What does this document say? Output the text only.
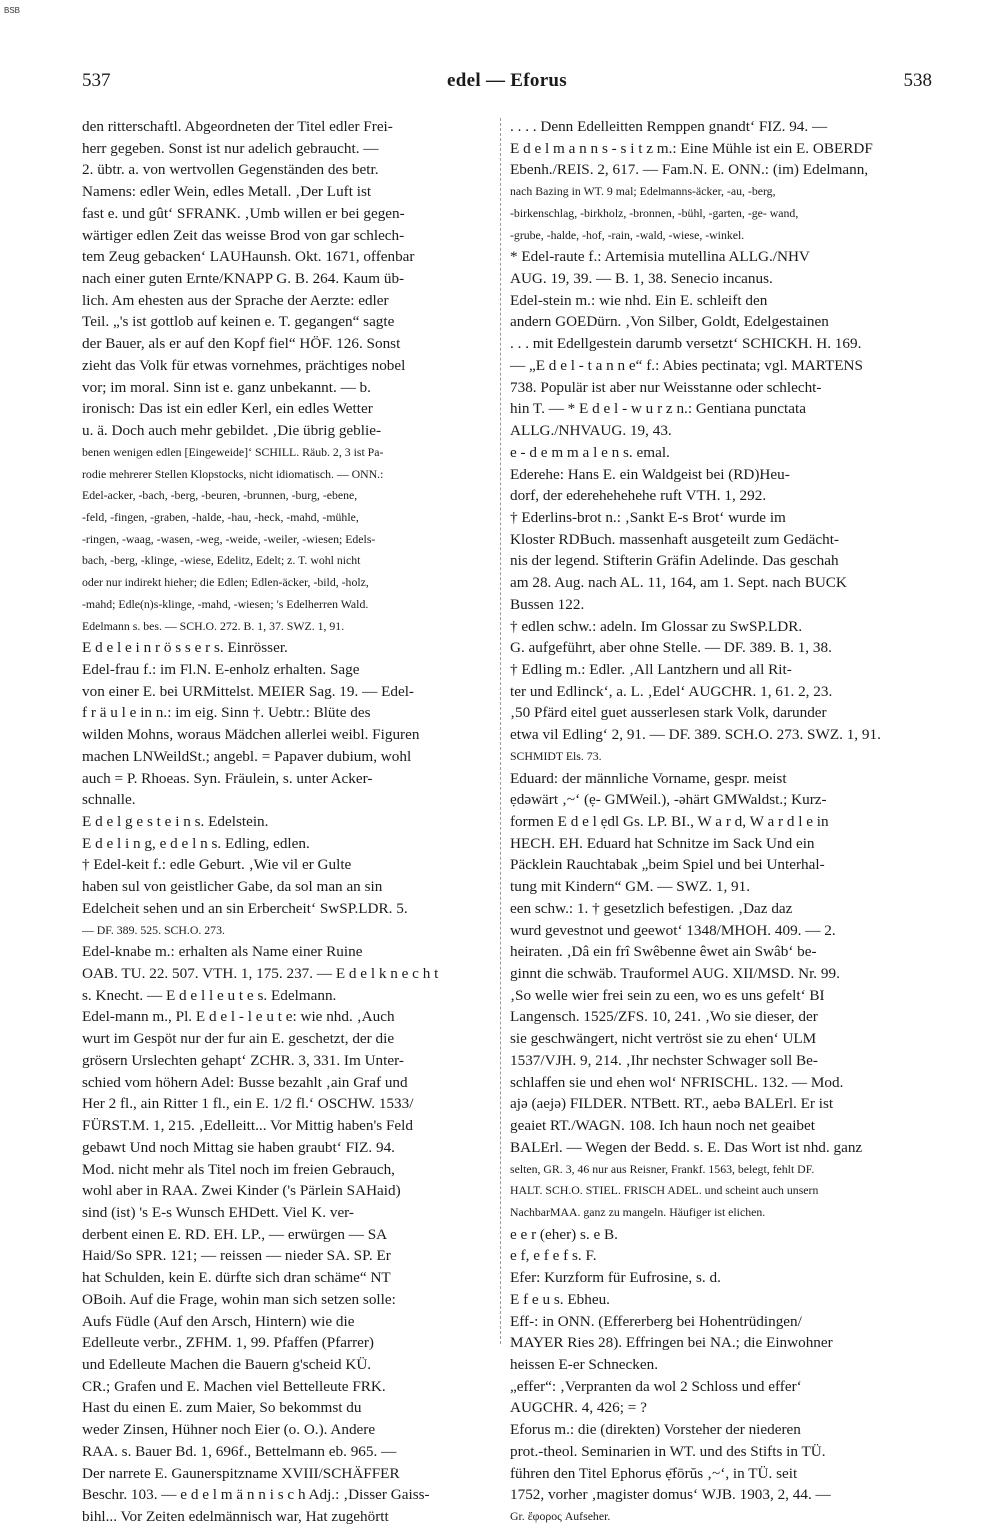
BSB
537	edel — Eforus	538
den ritterschaftl. Abgeordneten der Titel edler Frei-
herr gegeben. Sonst ist nur adelich gebraucht. —
2. übtr. a. von wertvollen Gegenständen des betr.
Namens: edler Wein, edles Metall. ‚Der Luft ist
fast e. und gût‘ SFRANK. ‚Umb willen er bei gegen-
wärtiger edlen Zeit das weisse Brod von gar schlech-
tem Zeug gebacken‘ LAUHaunsh. Okt. 1671, offenbar
nach einer guten Ernte/KNAPP G. B. 264. Kaum üb-
lich. Am ehesten aus der Sprache der Aerzte: edler
Teil. „'s ist gottlob auf keinen e. T. gegangen“ sagte
der Bauer, als er auf den Kopf fiel“ HÖF. 126. Sonst
zieht das Volk für etwas vornehmes, prächtiges nobel
vor; im moral. Sinn ist e. ganz unbekannt. — b.
ironisch: Das ist ein edler Kerl, ein edles Wetter
u. ä. Doch auch mehr gebildet. ‚Die übrig geblie-
benen wenigen edlen [Eingeweide]‘ SCHILL. Räub. 2, 3 ist Pa-
rodie mehrerer Stellen Klopstocks, nicht idiomatisch. — ONN.:
Edel-acker, -bach, -berg, -beuren, -brunnen, -burg, -ebene,
-feld, -fingen, -graben, -halde, -hau, -heck, -mahd, -mühle,
-ringen, -waag, -wasen, -weg, -weide, -weiler, -wiesen; Edels-
bach, -berg, -klinge, -wiese, Edelitz, Edelt; z. T. wohl nicht
oder nur indirekt hieher; die Edlen; Edlen-äcker, -bild, -holz,
-mahd; Edle(n)s-klinge, -mahd, -wiesen; 's Edelherren Wald.
Edelmann s. bes. — SCH.O. 272. B. 1, 37. SWZ. 1, 91.
E d e l e i n r ö s s e r s. Einrösser.
Edel-frau f.: im Fl.N. E-enholz erhalten. Sage
von einer E. bei URMittelst. MEIER Sag. 19. — Edel-
f r ä u l e in n.: im eig. Sinn †. Uebtr.: Blüte des
wilden Mohns, woraus Mädchen allerlei weibl. Figuren
machen LNWeildSt.; angebl. = Papaver dubium, wohl
auch = P. Rhoeas. Syn. Fräulein, s. unter Acker-
schnalle.
E d e l g e s t e i n s. Edelstein.
E d e l i n g, e d e l n s. Edling, edlen.
† Edel-keit f.: edle Geburt. ‚Wie vil er Gulte
haben sul von geistlicher Gabe, da sol man an sin
Edelcheit sehen und an sin Erbercheit‘ SwSP.LDR. 5.
— DF. 389. 525. SCH.O. 273.
Edel-knabe m.: erhalten als Name einer Ruine
OAB. TU. 22. 507. VTH. 1, 175. 237. — E d e l k n e c h t
s. Knecht. — E d e l l e u t e s. Edelmann.
Edel-mann m., Pl. E d e l - l e u t e: wie nhd. ‚Auch
wurt im Gespöt nur der fur ain E. geschetzt, der die
grösern Urslechten gehapt‘ ZCHR. 3, 331. Im Unter-
schied vom höhern Adel: Busse bezahlt ‚ain Graf und
Her 2 fl., ain Ritter 1 fl., ein E. 1/2 fl.‘ OSCHW. 1533/
FÜRST.M. 1, 215. ‚Edelleitt... Vor Mittig haben's Feld
gebawt Und noch Mittag sie haben graubt‘ FIZ. 94.
Mod. nicht mehr als Titel noch im freien Gebrauch,
wohl aber in RAA. Zwei Kinder ('s Pärlein SAHaid)
sind (ist) 's E-s Wunsch EHDett. Viel K. ver-
derbent einen E. RD. EH. LP., — erwürgen — SA
Haid/So SPR. 121; — reissen — nieder SA. SP. Er
hat Schulden, kein E. dürfte sich dran schäme“ NT
OBoih. Auf die Frage, wohin man sich setzen solle:
Aufs Füdle (Auf den Arsch, Hintern) wie die
Edelleute verbr., ZFHM. 1, 99. Pfaffen (Pfarrer)
und Edelleute Machen die Bauern g'scheid KÜ.
CR.; Grafen und E. Machen viel Bettelleute FRK.
Hast du einen E. zum Maier, So bekommst du
weder Zinsen, Hühner noch Eier (o. O.). Andere
RAA. s. Bauer Bd. 1, 696f., Bettelmann eb. 965. —
Der narrete E. Gaunerspitzname XVIII/SCHÄFFER
Beschr. 103. — e d e l m ä n n i s c h Adj.: ‚Disser Gaiss-
bihl... Vor Zeiten edelmännisch war, Hat zugehörtt
. . . . Denn Edelleitten Remppen gnandt‘ FIZ. 94. —
E d e l m a n n s - s i t z m.: Eine Mühle ist ein E. OBERDF
Ebenh./REIS. 2, 617. — Fam.N. E. ONN.: (im) Edelmann,
nach Bazing in WT. 9 mal; Edelmanns-äcker, -au, -berg,
-birkenschlag, -birkholz, -bronnen, -bühl, -garten, -ge- wand,
-grube, -halde, -hof, -rain, -wald, -wiese, -winkel.
* Edel-raute f.: Artemisia mutellina ALLG./NHV
AUG. 19, 39. — B. 1, 38. Senecio incanus.
Edel-stein m.: wie nhd. Ein E. schleift den
andern GOEDürn. ‚Von Silber, Goldt, Edelgestainen
. . . mit Edellgestein darumb versetzt‘ SCHICKH. H. 169.
— „E d e l - t a n n e“ f.: Abies pectinata; vgl. MARTENS
738. Populär ist aber nur Weisstanne oder schlecht-
hin T. — * E d e l - w u r z n.: Gentiana punctata
ALLG./NHVAUG. 19, 43.
e - d e m m a l e n s. emal.
Ederehe: Hans E. ein Waldgeist bei (RD)Heu-
dorf, der ederehehehehe ruft VTH. 1, 292.
† Ederlins-brot n.: ‚Sankt E-s Brot‘ wurde im
Kloster RDBuch. massenhaft ausgeteilt zum Gedächt-
nis der legend. Stifterin Gräfin Adelinde. Das geschah
am 28. Aug. nach AL. 11, 164, am 1. Sept. nach BUCK
Bussen 122.
† edlen schw.: adeln. Im Glossar zu SwSP.LDR.
G. aufgeführt, aber ohne Stelle. — DF. 389. B. 1, 38.
† Edling m.: Edler. ‚All Lantzhern und all Rit-
ter und Edlinck‘, a. L. ‚Edel‘ AUGCHR. 1, 61. 2, 23.
‚50 Pfärd eitel guet ausserlesen stark Volk, darunder
etwa vil Edling‘ 2, 91. — DF. 389. SCH.O. 273. SWZ. 1, 91.
SCHMIDT Els. 73.
Eduard: der männliche Vorname, gespr. meist
ẹdəwärt ‚~‘ (ẹ- GMWeil.), -əhärt GMWaldst.; Kurz-
formen E d e l ẹdl Gs. LP. BI., W a r d, W a r d l e in
HECH. EH. Eduard hat Schnitze im Sack Und ein
Päcklein Rauchtabak „beim Spiel und bei Unterhal-
tung mit Kindern“ GM. — SWZ. 1, 91.
een schw.: 1. † gesetzlich befestigen. ‚Daz daz
wurd gevestnot und geewot‘ 1348/MHOH. 409. — 2.
heiraten. ‚Dâ ein frî Swêbenne êwet ain Swâb‘ be-
ginnt die schwäb. Trauformel AUG. XII/MSD. Nr. 99.
‚So welle wier frei sein zu een, wo es uns gefelt‘ BI
Langensch. 1525/ZFS. 10, 241. ‚Wo sie dieser, der
sie geschwängert, nicht vertröst sie zu ehen‘ ULM
1537/VJH. 9, 214. ‚Ihr nechster Schwager soll Be-
schlaffen sie und ehen wol‘ NFRISCHL. 132. — Mod.
ajə (aejə) FILDER. NTBett. RT., aebə BALErl. Er ist
geaiet RT./WAGN. 108. Ich haun noch net geaibet
BALErl. — Wegen der Bedd. s. E. Das Wort ist nhd. ganz
selten, GR. 3, 46 nur aus Reisner, Frankf. 1563, belegt, fehlt DF.
HALT. SCH.O. STIEL. FRISCH ADEL. und scheint auch unsern
NachbarMAA. ganz zu mangeln. Häufiger ist elichen.
e e r (eher) s. e B.
e f, e f e f s. F.
Efer: Kurzform für Eufrosine, s. d.
E f e u s. Ebheu.
Eff-: in ONN. (Effererberg bei Hohentrüdingen/
MAYER Ries 28). Effringen bei NA.; die Einwohner
heissen E-er Schnecken.
„effer“: ‚Verpranten da wol 2 Schloss und effer‘
AUGCHR. 4, 426; = ?
Eforus m.: die (direkten) Vorsteher der niederen
prot.-theol. Seminarien in WT. und des Stifts in TÜ.
führen den Titel Ephorus ẹ̄fōrŭs ‚~‘, in TÜ. seit
1752, vorher ‚magister domus‘ WJB. 1903, 2, 44. —
Gr. ἔφορος Aufseher.
